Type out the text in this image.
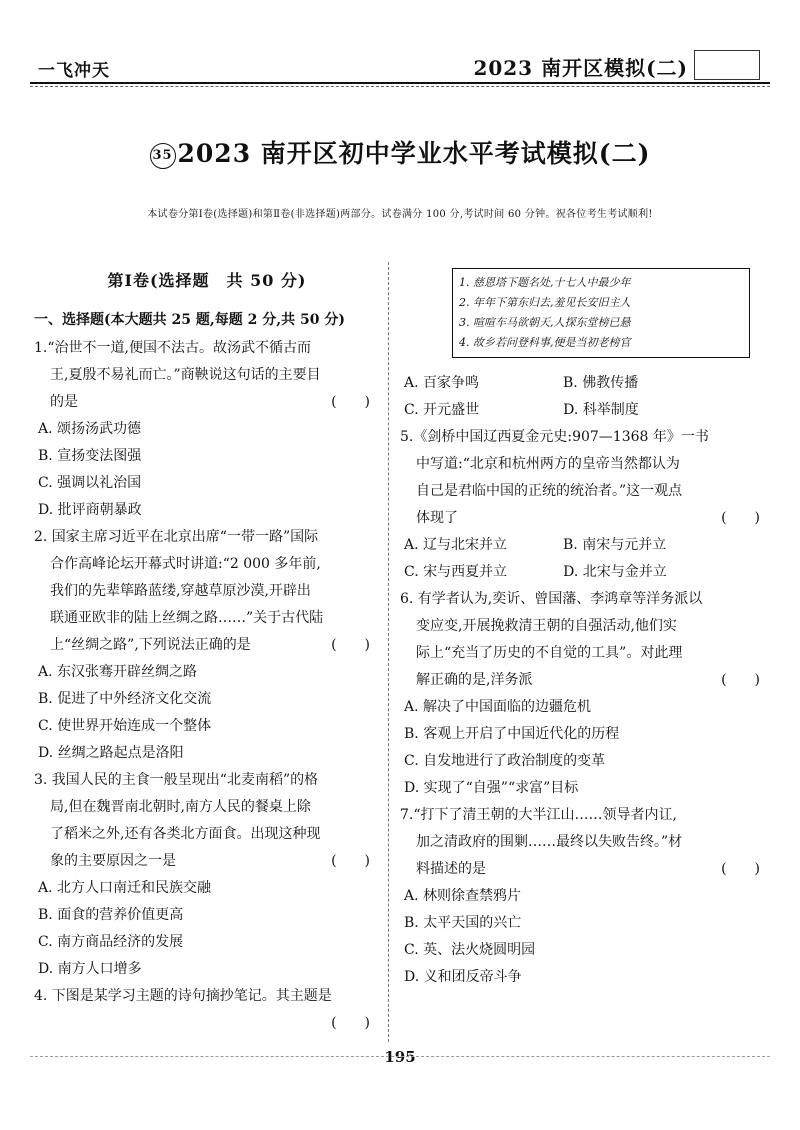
一飞冲天	2023 南开区模拟(二)
35 2023 南开区初中学业水平考试模拟(二)
本试卷分第Ⅰ卷(选择题)和第Ⅱ卷(非选择题)两部分。试卷满分 100 分,考试时间 60 分钟。祝各位考生考试顺利!
第Ⅰ卷(选择题　共 50 分)
一、选择题(本大题共 25 题,每题 2 分,共 50 分)
1.“治世不一道,便国不法古。故汤武不循古而
王,夏殷不易礼而亡。”商鞅说这句话的主要目
的是	(　　)
A. 颂扬汤武功德
B. 宣扬变法图强
C. 强调以礼治国
D. 批评商朝暴政
2. 国家主席习近平在北京出席“一带一路”国际
合作高峰论坛开幕式时讲道:“2 000 多年前,
我们的先辈筚路蓝缕,穿越草原沙漠,开辟出
联通亚欧非的陆上丝绸之路……”关于古代陆
上“丝绸之路”,下列说法正确的是	(　　)
A. 东汉张骞开辟丝绸之路
B. 促进了中外经济文化交流
C. 使世界开始连成一个整体
D. 丝绸之路起点是洛阳
3. 我国人民的主食一般呈现出“北麦南稻”的格
局,但在魏晋南北朝时,南方人民的餐桌上除
了稻米之外,还有各类北方面食。出现这种现
象的主要原因之一是	(　　)
A. 北方人口南迁和民族交融
B. 面食的营养价值更高
C. 南方商品经济的发展
D. 南方人口增多
4. 下图是某学习主题的诗句摘抄笔记。其主题是
(　　)
1. 慈恩塔下题名处,十七人中最少年
2. 年年下第东归去,羞见长安旧主人
3. 喧喧车马欲朝天,人探东堂榜已悬
4. 故乡若问登科事,便是当初老榜官
A. 百家争鸣　　　　　　B. 佛教传播
C. 开元盛世　　　　　　D. 科举制度
5.《剑桥中国辽西夏金元史:907—1368 年》一书
中写道:“北京和杭州两方的皇帝当然都认为
自己是君临中国的正统的统治者。”这一观点
体现了	(　　)
A. 辽与北宋并立　　　　B. 南宋与元并立
C. 宋与西夏并立　　　　D. 北宋与金并立
6. 有学者认为,奕䜣、曾国藩、李鸿章等洋务派以
变应变,开展挽救清王朝的自强活动,他们实
际上“充当了历史的不自觉的工具”。对此理
解正确的是,洋务派	(　　)
A. 解决了中国面临的边疆危机
B. 客观上开启了中国近代化的历程
C. 自发地进行了政治制度的变革
D. 实现了“自强”“求富”目标
7.“打下了清王朝的大半江山……领导者内讧,
加之清政府的围剿……最终以失败告终。”材
料描述的是	(　　)
A. 林则徐查禁鸦片
B. 太平天国的兴亡
C. 英、法火烧圆明园
D. 义和团反帝斗争
195
